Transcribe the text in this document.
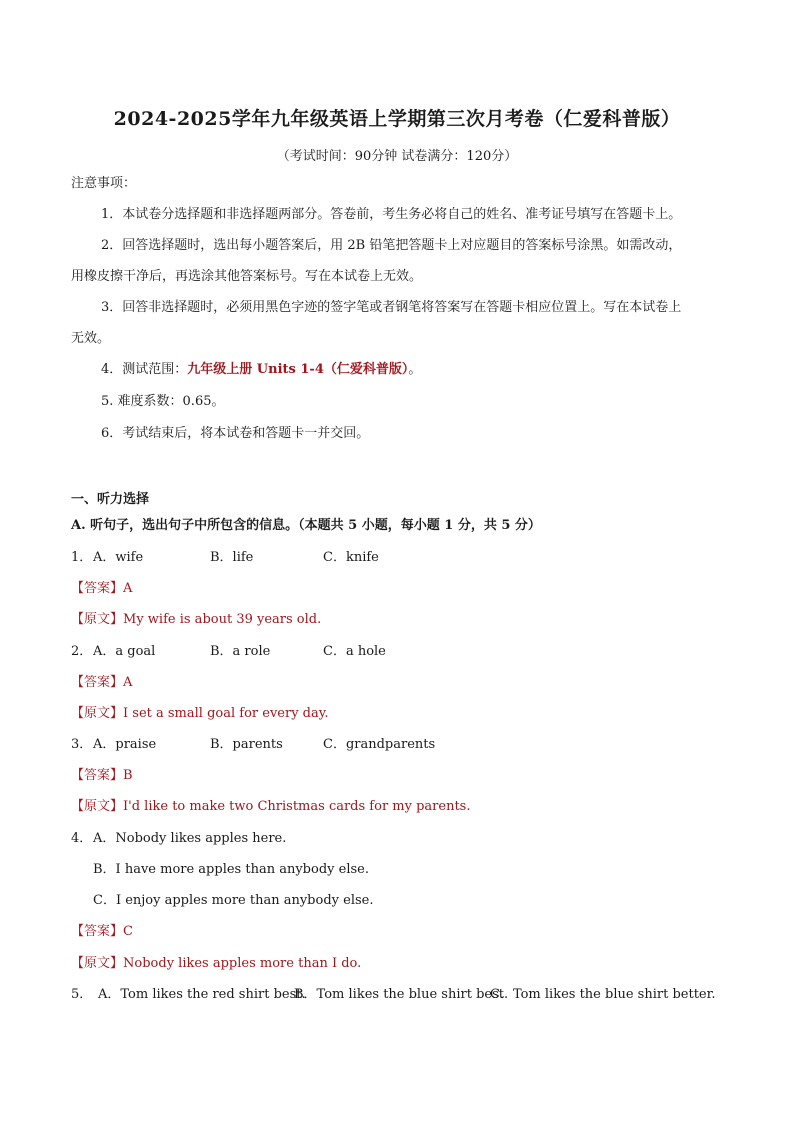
2024-2025学年九年级英语上学期第三次月考卷（仁爱科普版）
（考试时间：90分钟 试卷满分：120分）
注意事项：
1．本试卷分选择题和非选择题两部分。答卷前，考生务必将自己的姓名、准考证号填写在答题卡上。
2．回答选择题时，选出每小题答案后，用 2B 铅笔把答题卡上对应题目的答案标号涂黑。如需改动，
用橡皮擦干净后，再选涂其他答案标号。写在本试卷上无效。
3．回答非选择题时，必须用黑色字迹的签字笔或者钢笔将答案写在答题卡相应位置上。写在本试卷上
无效。
4．测试范围：九年级上册 Units 1-4（仁爱科普版）。
5. 难度系数：0.65。
6．考试结束后，将本试卷和答题卡一并交回。
一、听力选择
A. 听句子，选出句子中所包含的信息。（本题共 5 小题，每小题 1 分，共 5 分）
1． A．wife	B．life	C．knife
【答案】A
【原文】My wife is about 39 years old.
2． A．a goal	B．a role	C．a hole
【答案】A
【原文】I set a small goal for every day.
3． A．praise	B．parents	C．grandparents
【答案】B
【原文】I'd like to make two Christmas cards for my parents.
4． A．Nobody likes apples here.
B．I have more apples than anybody else.
C．I enjoy apples more than anybody else.
【答案】C
【原文】Nobody likes apples more than I do.
5． A．Tom likes the red shirt best.
B．Tom likes the blue shirt best.
C．Tom likes the blue shirt better.
